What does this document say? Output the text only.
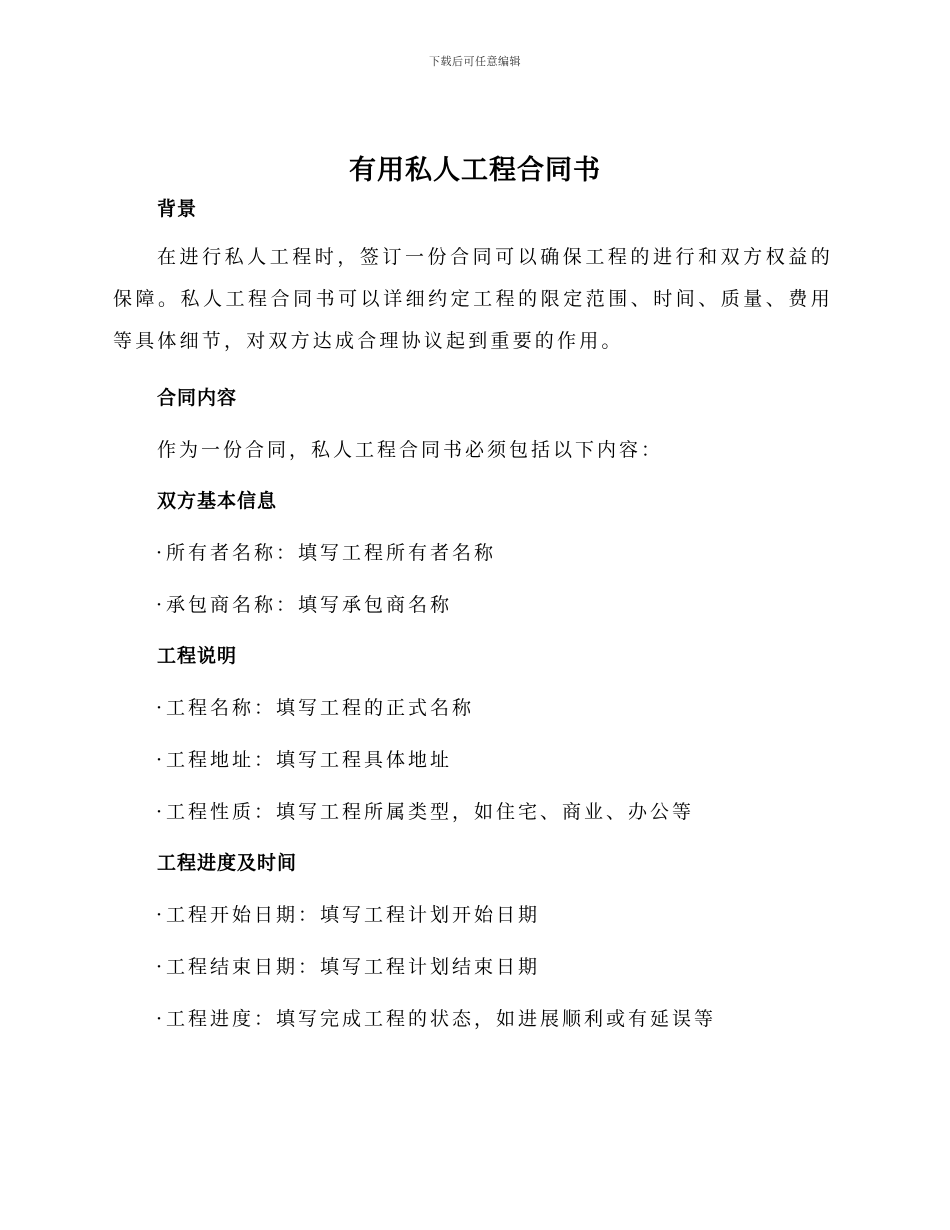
下载后可任意编辑
有用私人工程合同书
背景
在进行私人工程时，签订一份合同可以确保工程的进行和双方权益的保障。私人工程合同书可以详细约定工程的限定范围、时间、质量、费用等具体细节，对双方达成合理协议起到重要的作用。
合同内容
作为一份合同，私人工程合同书必须包括以下内容：
双方基本信息
· 所有者名称：填写工程所有者名称
· 承包商名称：填写承包商名称
工程说明
· 工程名称：填写工程的正式名称
· 工程地址：填写工程具体地址
· 工程性质：填写工程所属类型，如住宅、商业、办公等
工程进度及时间
· 工程开始日期：填写工程计划开始日期
· 工程结束日期：填写工程计划结束日期
· 工程进度：填写完成工程的状态，如进展顺利或有延误等
